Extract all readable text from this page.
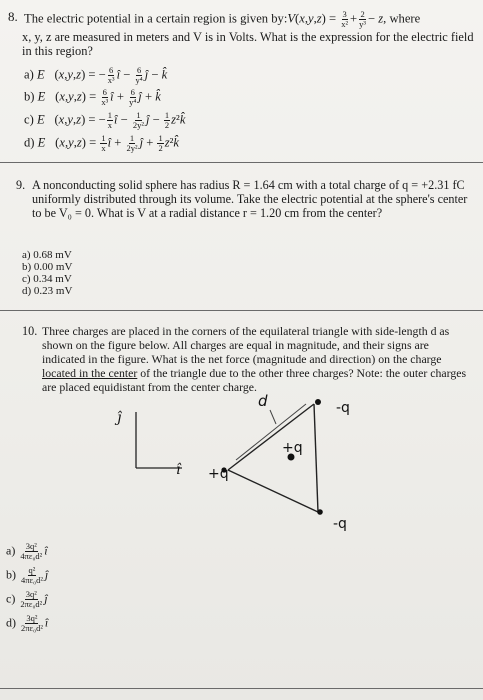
8. The electric potential in a certain region is given by:V(x,y,z) = $\frac{3}{\text{x²}} + \frac{2}{\text{y³}} - z$, where
x, y, z are measured in meters and V is in Volts. What is the expression for the electric field
in this region?
a) E⃗(x,y,z) = − $\frac{6}{\text{x³}}$ î − $\frac{6}{\text{y⁴}}$ ĵ − k̂
b) E⃗(x,y,z) = $\frac{6}{\text{x³}}$ î + $\frac{6}{\text{y⁴}}$ ĵ + k̂
c) E⃗(x,y,z) = − $\frac{1}{x}$ î − $\frac{1}{\text{2y²}}$ ĵ − $\frac{1}{2}$ z²k̂
d) E⃗(x,y,z) = $\frac{1}{x}$ î + $\frac{1}{\text{2y²}}$ ĵ + $\frac{1}{2}$ z²k̂
9. A nonconducting solid sphere has radius R = 1.64 cm with a total charge of q = +2.31 fC
uniformly distributed through its volume. Take the electric potential at the sphere's center
to be V₀ = 0. What is V at a radial distance r = 1.20 cm from the center?
a) 0.68 mV
b) 0.00 mV
c) 0.34 mV
d) 0.23 mV
10. Three charges are placed in the corners of the equilateral triangle with side-length d as
shown on the figure below. All charges are equal in magnitude, and their signs are
indicated in the figure. What is the net force (magnitude and direction) on the charge
located in the center of the triangle due to the other three charges? Note: the outer charges
are placed equidistant from the center charge.
ĵ
î
d	-q
+q
+q
-q
$a) \frac{\text{3q²}}{\text{4πε₀d²}}$ î
$b) \frac{\text{q²}}{\text{4πε₀d²}}$ ĵ
$c) \frac{\text{3q²}}{\text{2πε₀d²}}$ ĵ
$d) \frac{\text{3q²}}{\text{2πε₀d²}}$ î
